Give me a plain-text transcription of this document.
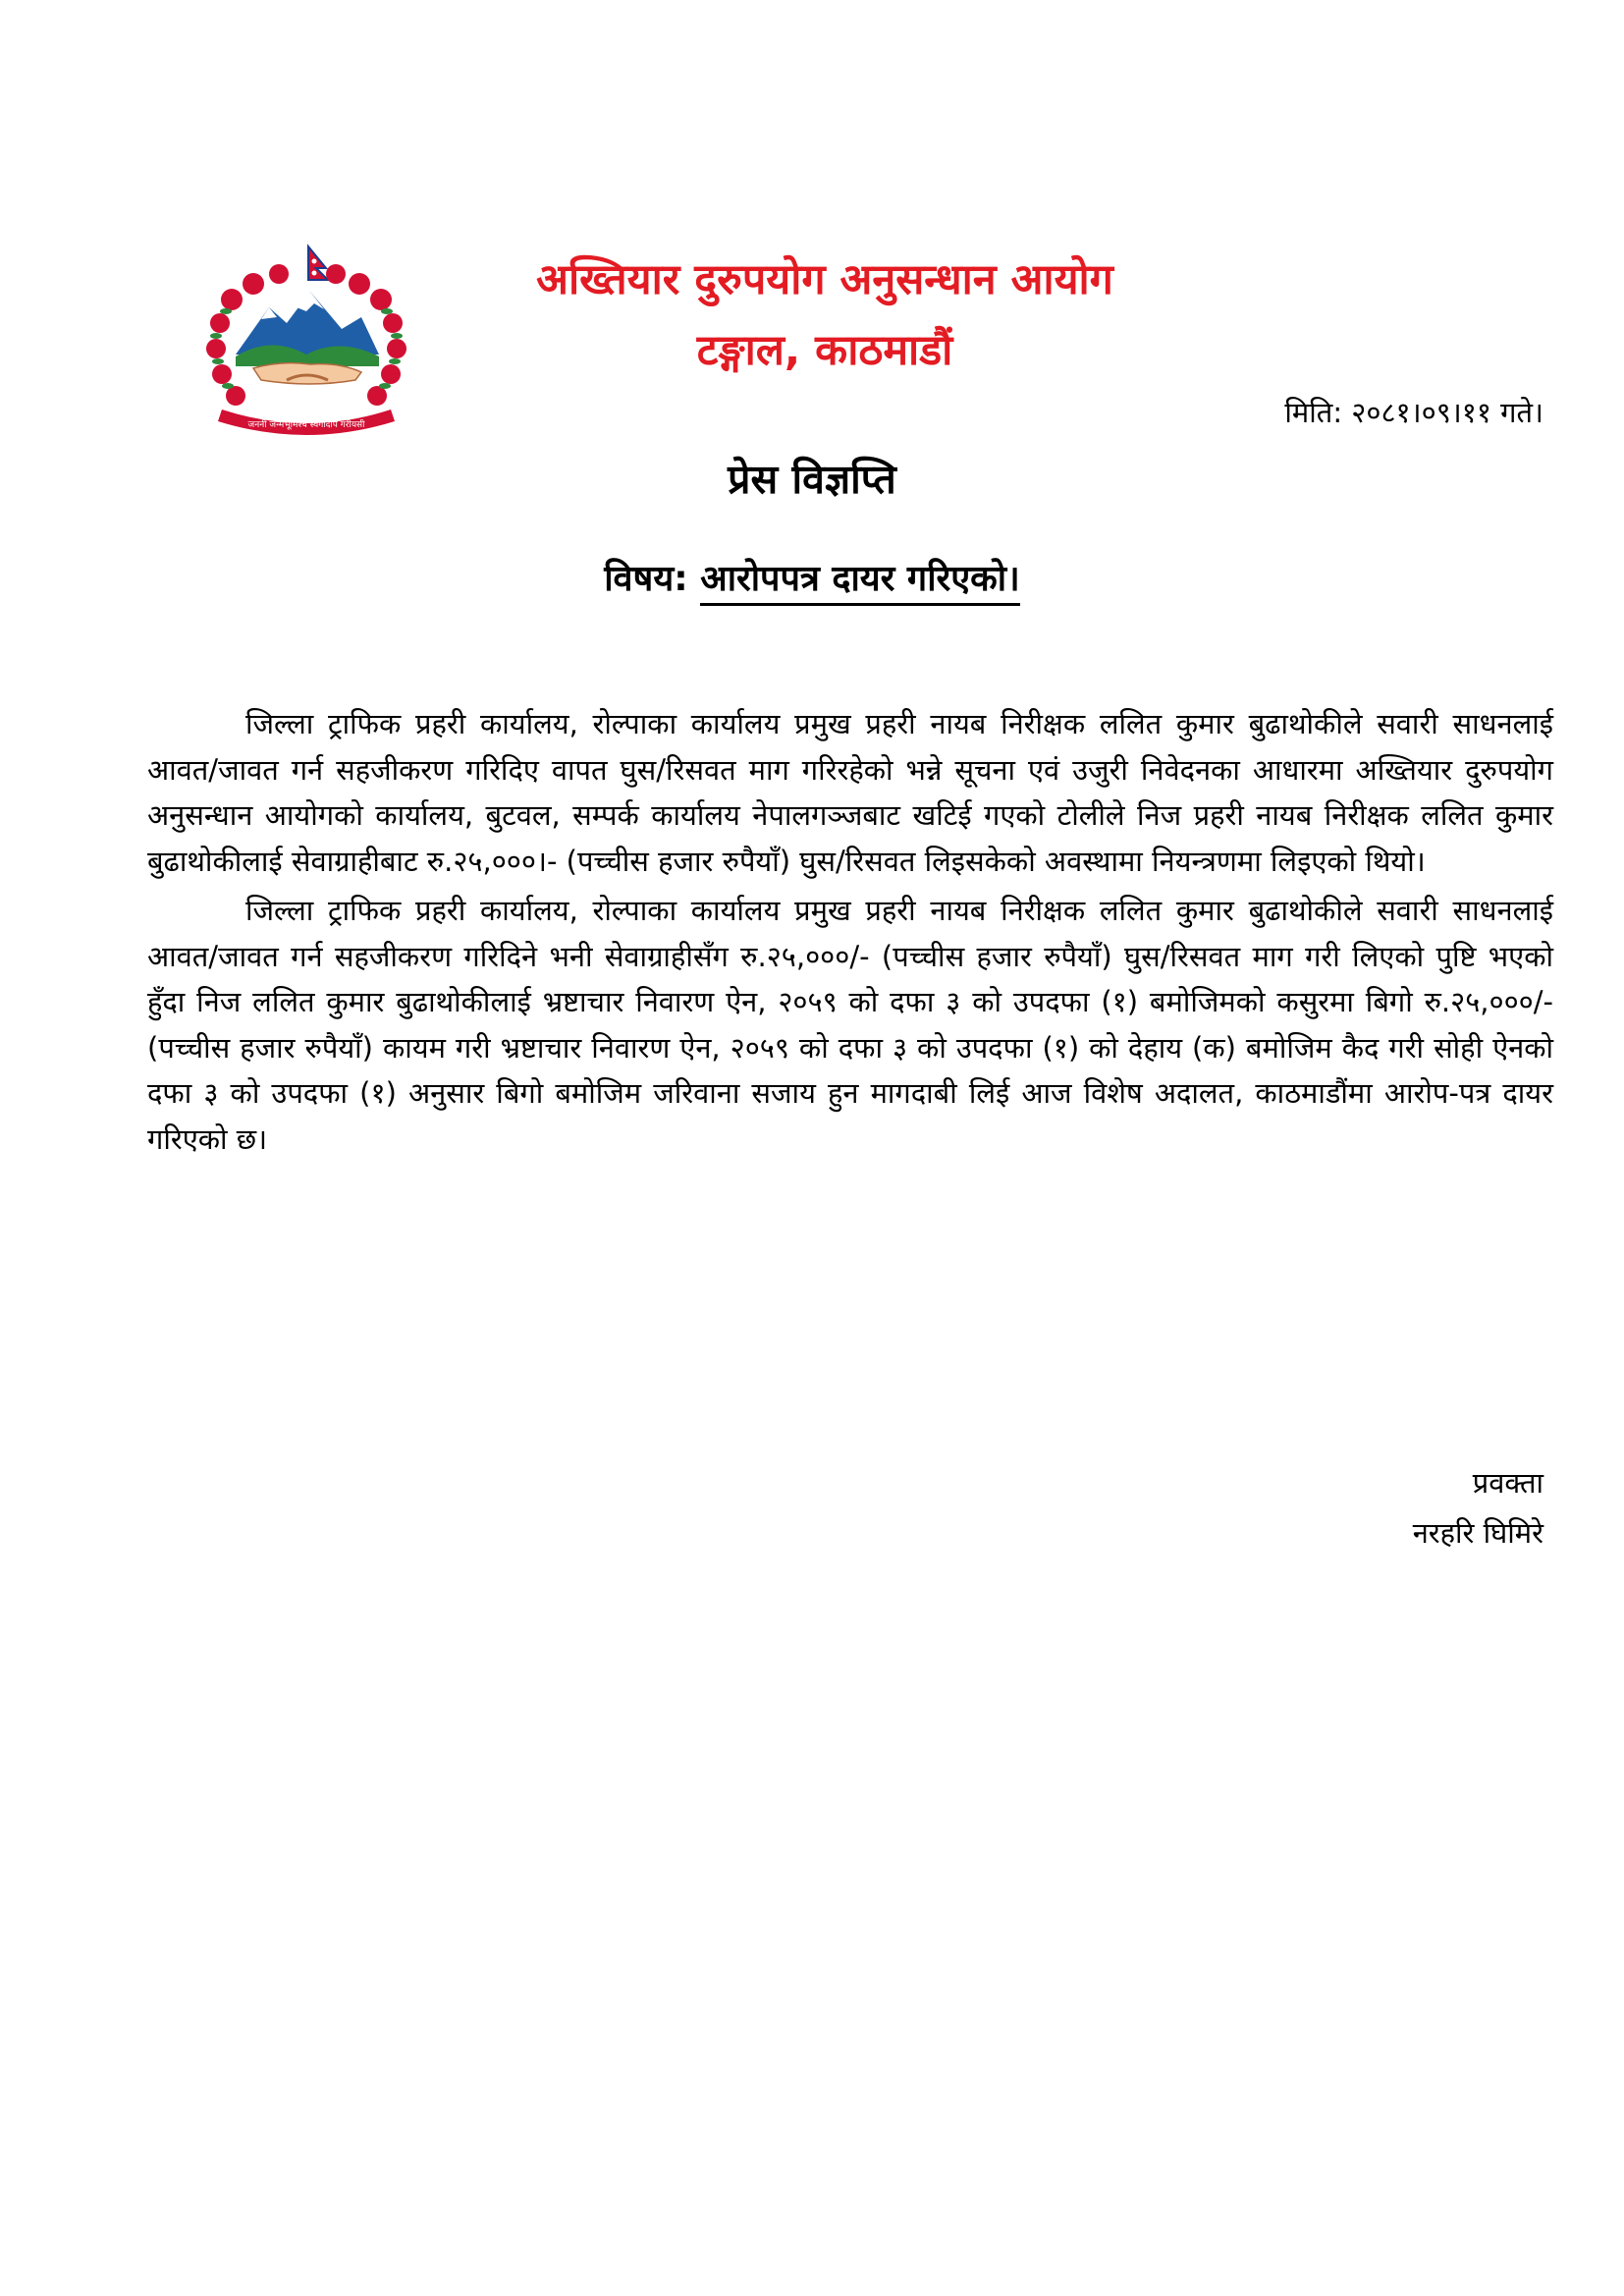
जननी जन्मभूमिश्च स्वर्गादपि गरीयसी
अख्तियार दुरुपयोग अनुसन्धान आयोग
टङ्गाल, काठमाडौं
मिति: २०८१।०९।११ गते।
प्रेस विज्ञप्ति
विषय: आरोपपत्र दायर गरिएको।

जिल्ला ट्राफिक प्रहरी कार्यालय, रोल्पाका कार्यालय प्रमुख प्रहरी नायब निरीक्षक ललित कुमार बुढाथोकीले सवारी साधनलाई आवत/जावत गर्न सहजीकरण गरिदिए वापत घुस/रिसवत माग गरिरहेको भन्ने सूचना एवं उजुरी निवेदनका आधारमा अख्तियार दुरुपयोग अनुसन्धान आयोगको कार्यालय, बुटवल, सम्पर्क कार्यालय नेपालगञ्जबाट खटिई गएको टोलीले निज प्रहरी नायब निरीक्षक ललित कुमार बुढाथोकीलाई सेवाग्राहीबाट रु.२५,०००।- (पच्चीस हजार रुपैयाँ) घुस/रिसवत लिइसकेको अवस्थामा नियन्त्रणमा लिइएको थियो।

जिल्ला ट्राफिक प्रहरी कार्यालय, रोल्पाका कार्यालय प्रमुख प्रहरी नायब निरीक्षक ललित कुमार बुढाथोकीले सवारी साधनलाई आवत/जावत गर्न सहजीकरण गरिदिने भनी सेवाग्राहीसँग रु.२५,०००/- (पच्चीस हजार रुपैयाँ) घुस/रिसवत माग गरी लिएको पुष्टि भएको हुँदा निज ललित कुमार बुढाथोकीलाई भ्रष्टाचार निवारण ऐन, २०५९ को दफा ३ को उपदफा (१) बमोजिमको कसुरमा बिगो रु.२५,०००/- (पच्चीस हजार रुपैयाँ) कायम गरी भ्रष्टाचार निवारण ऐन, २०५९ को दफा ३ को उपदफा (१) को देहाय (क) बमोजिम कैद गरी सोही ऐनको दफा ३ को उपदफा (१) अनुसार बिगो बमोजिम जरिवाना सजाय हुन मागदाबी लिई आज विशेष अदालत, काठमाडौंमा आरोप-पत्र दायर गरिएको छ।

प्रवक्ता
नरहरि घिमिरे
